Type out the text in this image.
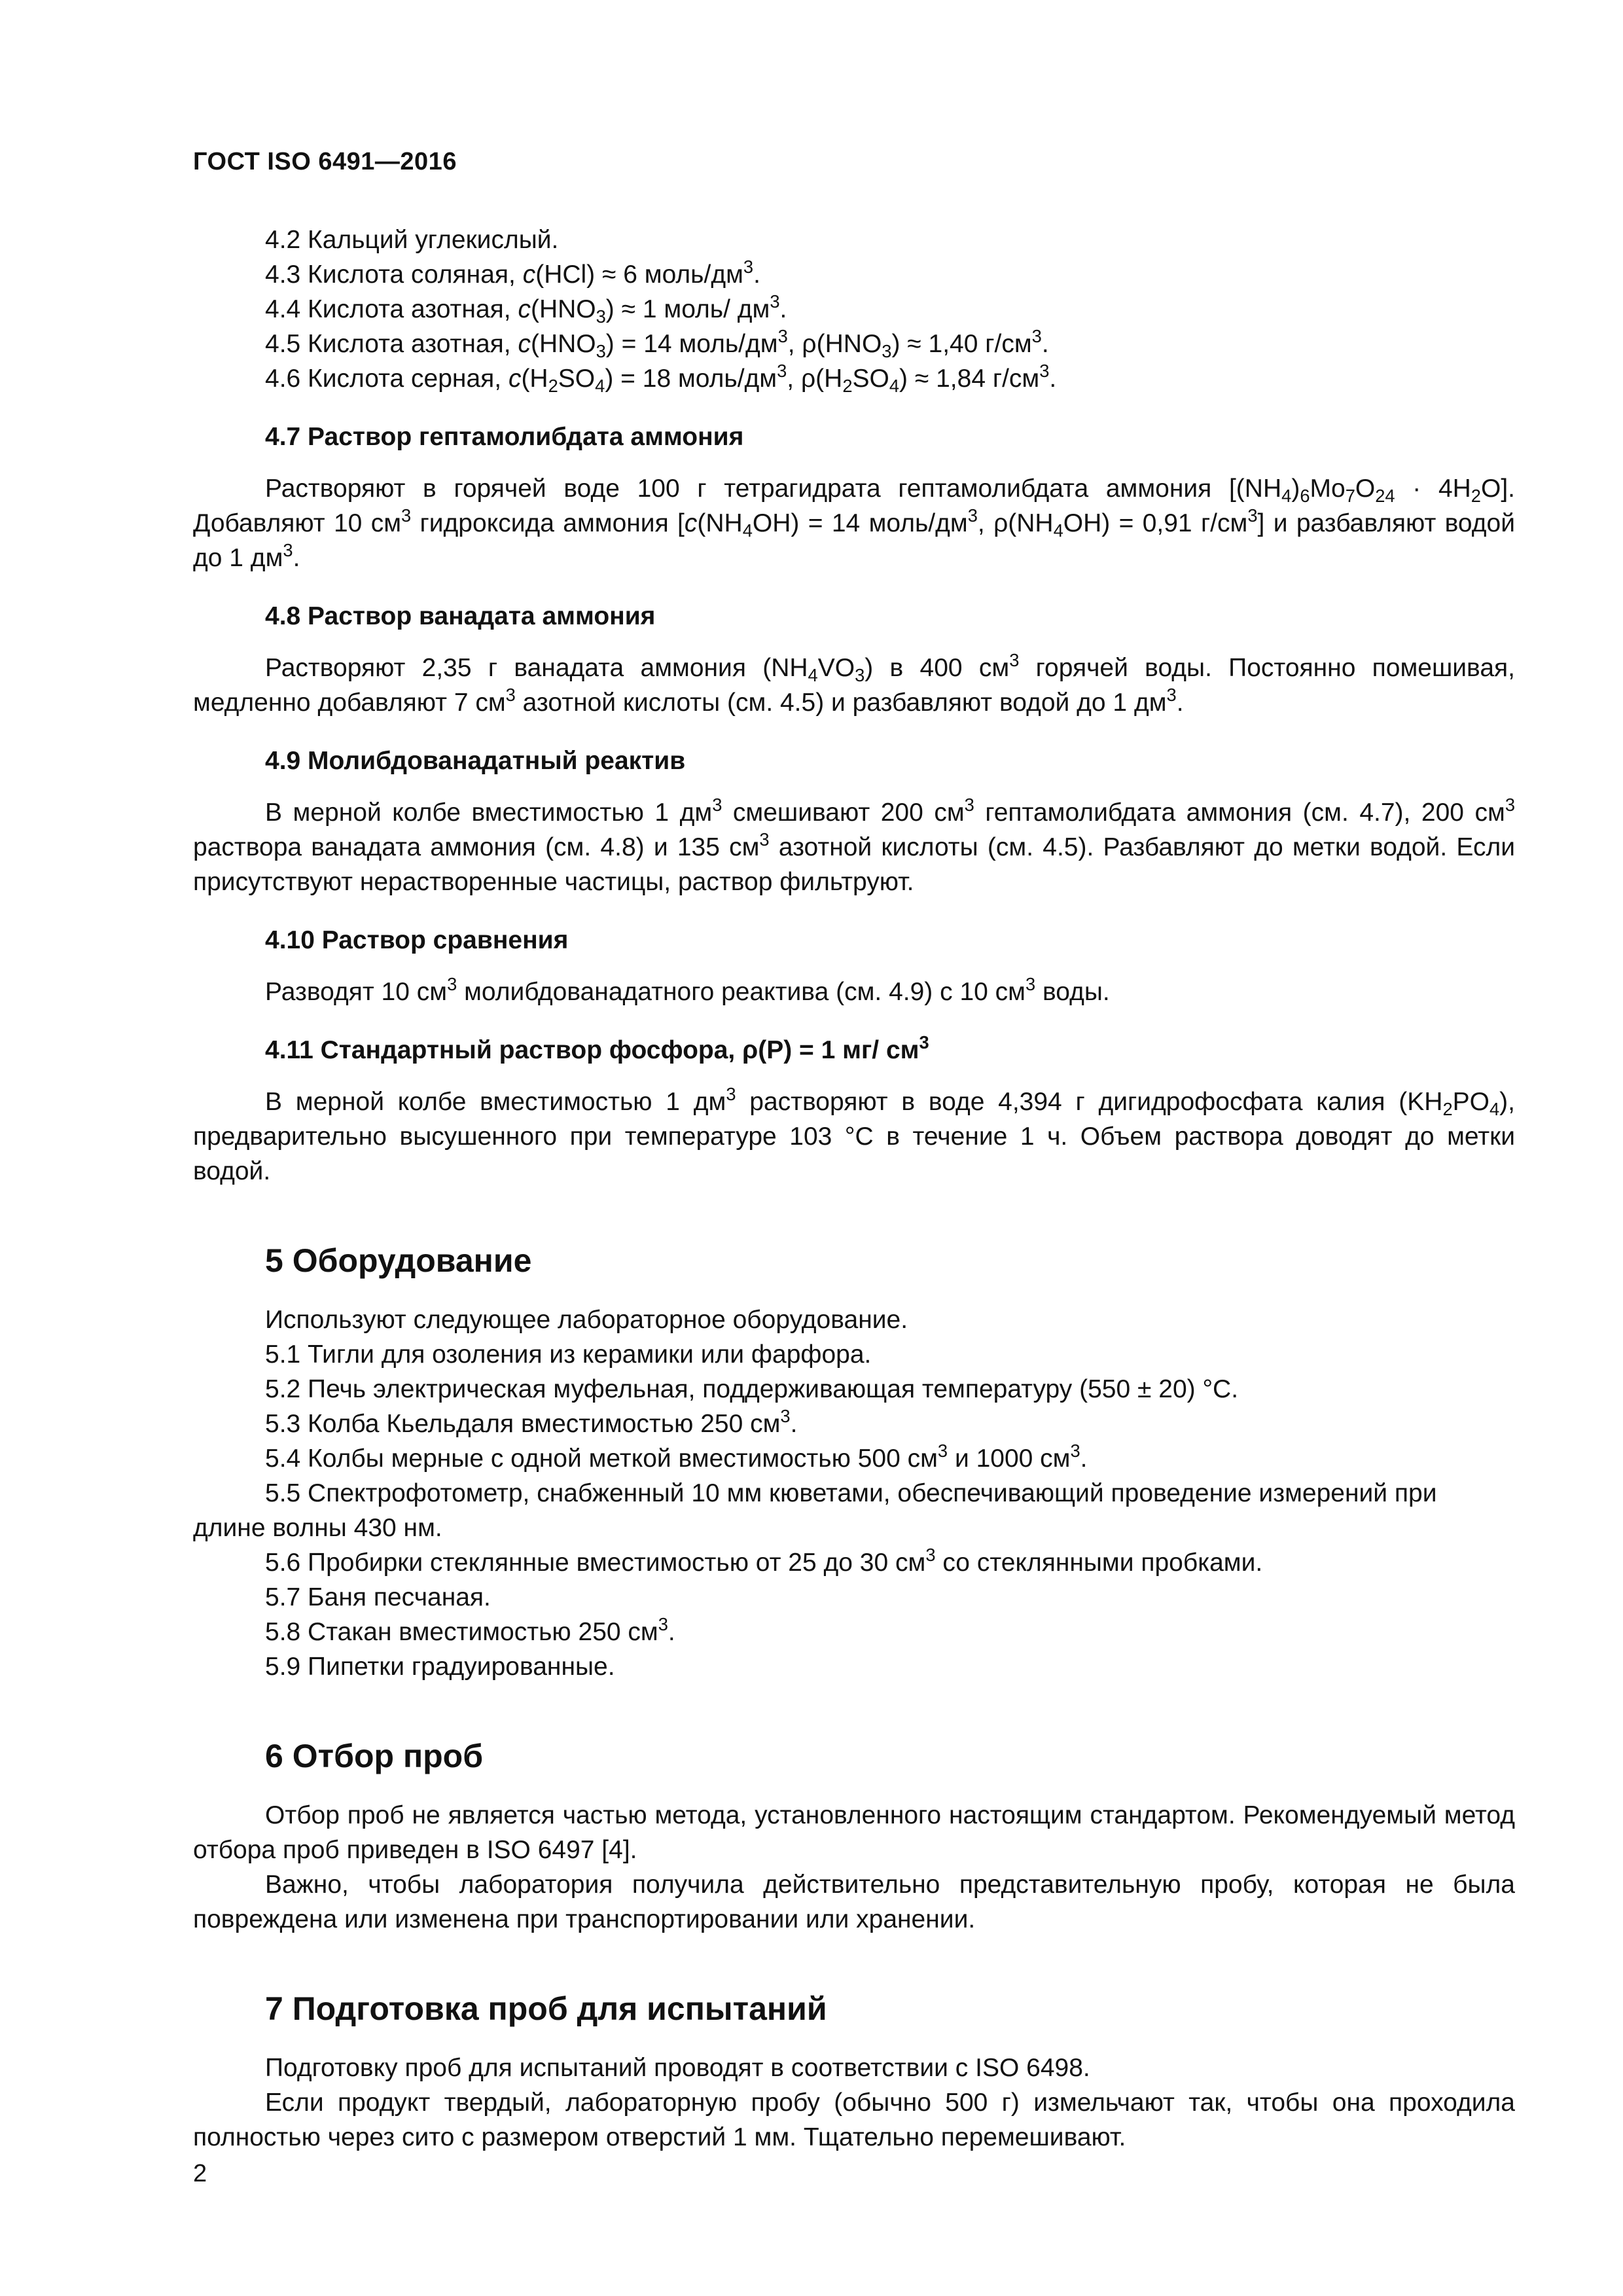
ГОСТ ISO 6491—2016
4.2 Кальций углекислый.
4.3 Кислота соляная, c(HCl) ≈ 6 моль/$дм^3$.
4.4 Кислота азотная, $c(HNO_3) \approx 1$ моль/ $дм^3$.
4.5 Кислота азотная, $c(HNO_3) = 14$ моль/$дм^3$, $\rho(HNO_3) \approx 1,40$ $г/см^3$.
4.6 Кислота серная, $c(H_2SO_4) = 18$ моль/$дм^3$, $\rho(H_2SO_4) \approx 1,84$ $г/см^3$.
4.7 Раствор гептамолибдата аммония
Растворяют в горячей воде 100 г тетрагидрата гептамолибдата аммония $[(NH_4)_6Mo_7O_{24} \cdot 4H_2O]$. Добавляют 10 $см^3$ гидроксида аммония [$c(NH_4OH) = 14$ моль/$дм^3$, $\rho(NH_4OH) = 0,91$ $г/см^3$] и разбавляют водой до 1 $дм^3$.
4.8 Раствор ванадата аммония
Растворяют 2,35 г ванадата аммония $(NH_4VO_3)$ в 400 $см^3$ горячей воды. Постоянно помешивая, медленно добавляют 7 $см^3$ азотной кислоты (см. 4.5) и разбавляют водой до 1 $дм^3$.
4.9 Молибдованадатный реактив
В мерной колбе вместимостью 1 $дм^3$ смешивают 200 $см^3$ гептамолибдата аммония (см. 4.7), 200 $см^3$ раствора ванадата аммония (см. 4.8) и 135 $см^3$ азотной кислоты (см. 4.5). Разбавляют до метки водой. Если присутствуют нерастворенные частицы, раствор фильтруют.
4.10 Раствор сравнения
Разводят 10 $см^3$ молибдованадатного реактива (см. 4.9) с 10 $см^3$ воды.
4.11 Стандартный раствор фосфора, ρ(P) = 1 мг/ $см^3$
В мерной колбе вместимостью 1 $дм^3$ растворяют в воде 4,394 г дигидрофосфата калия $(KH_2PO_4)$, предварительно высушенного при температуре 103 °C в течение 1 ч. Объем раствора доводят до метки водой.
5 Оборудование
Используют следующее лабораторное оборудование.
5.1 Тигли для озоления из керамики или фарфора.
5.2 Печь электрическая муфельная, поддерживающая температуру (550 ± 20) °C.
5.3 Колба Кьельдаля вместимостью 250 $см^3$.
5.4 Колбы мерные с одной меткой вместимостью 500 $см^3$ и 1000 $см^3$.
5.5 Спектрофотометр, снабженный 10 мм кюветами, обеспечивающий проведение измерений при длине волны 430 нм.
5.6 Пробирки стеклянные вместимостью от 25 до 30 $см^3$ со стеклянными пробками.
5.7 Баня песчаная.
5.8 Стакан вместимостью 250 $см^3$.
5.9 Пипетки градуированные.
6 Отбор проб
Отбор проб не является частью метода, установленного настоящим стандартом. Рекомендуемый метод отбора проб приведен в ISO 6497 [4].
Важно, чтобы лаборатория получила действительно представительную пробу, которая не была повреждена или изменена при транспортировании или хранении.
7 Подготовка проб для испытаний
Подготовку проб для испытаний проводят в соответствии с ISO 6498.
Если продукт твердый, лабораторную пробу (обычно 500 г) измельчают так, чтобы она проходила полностью через сито с размером отверстий 1 мм. Тщательно перемешивают.
2
